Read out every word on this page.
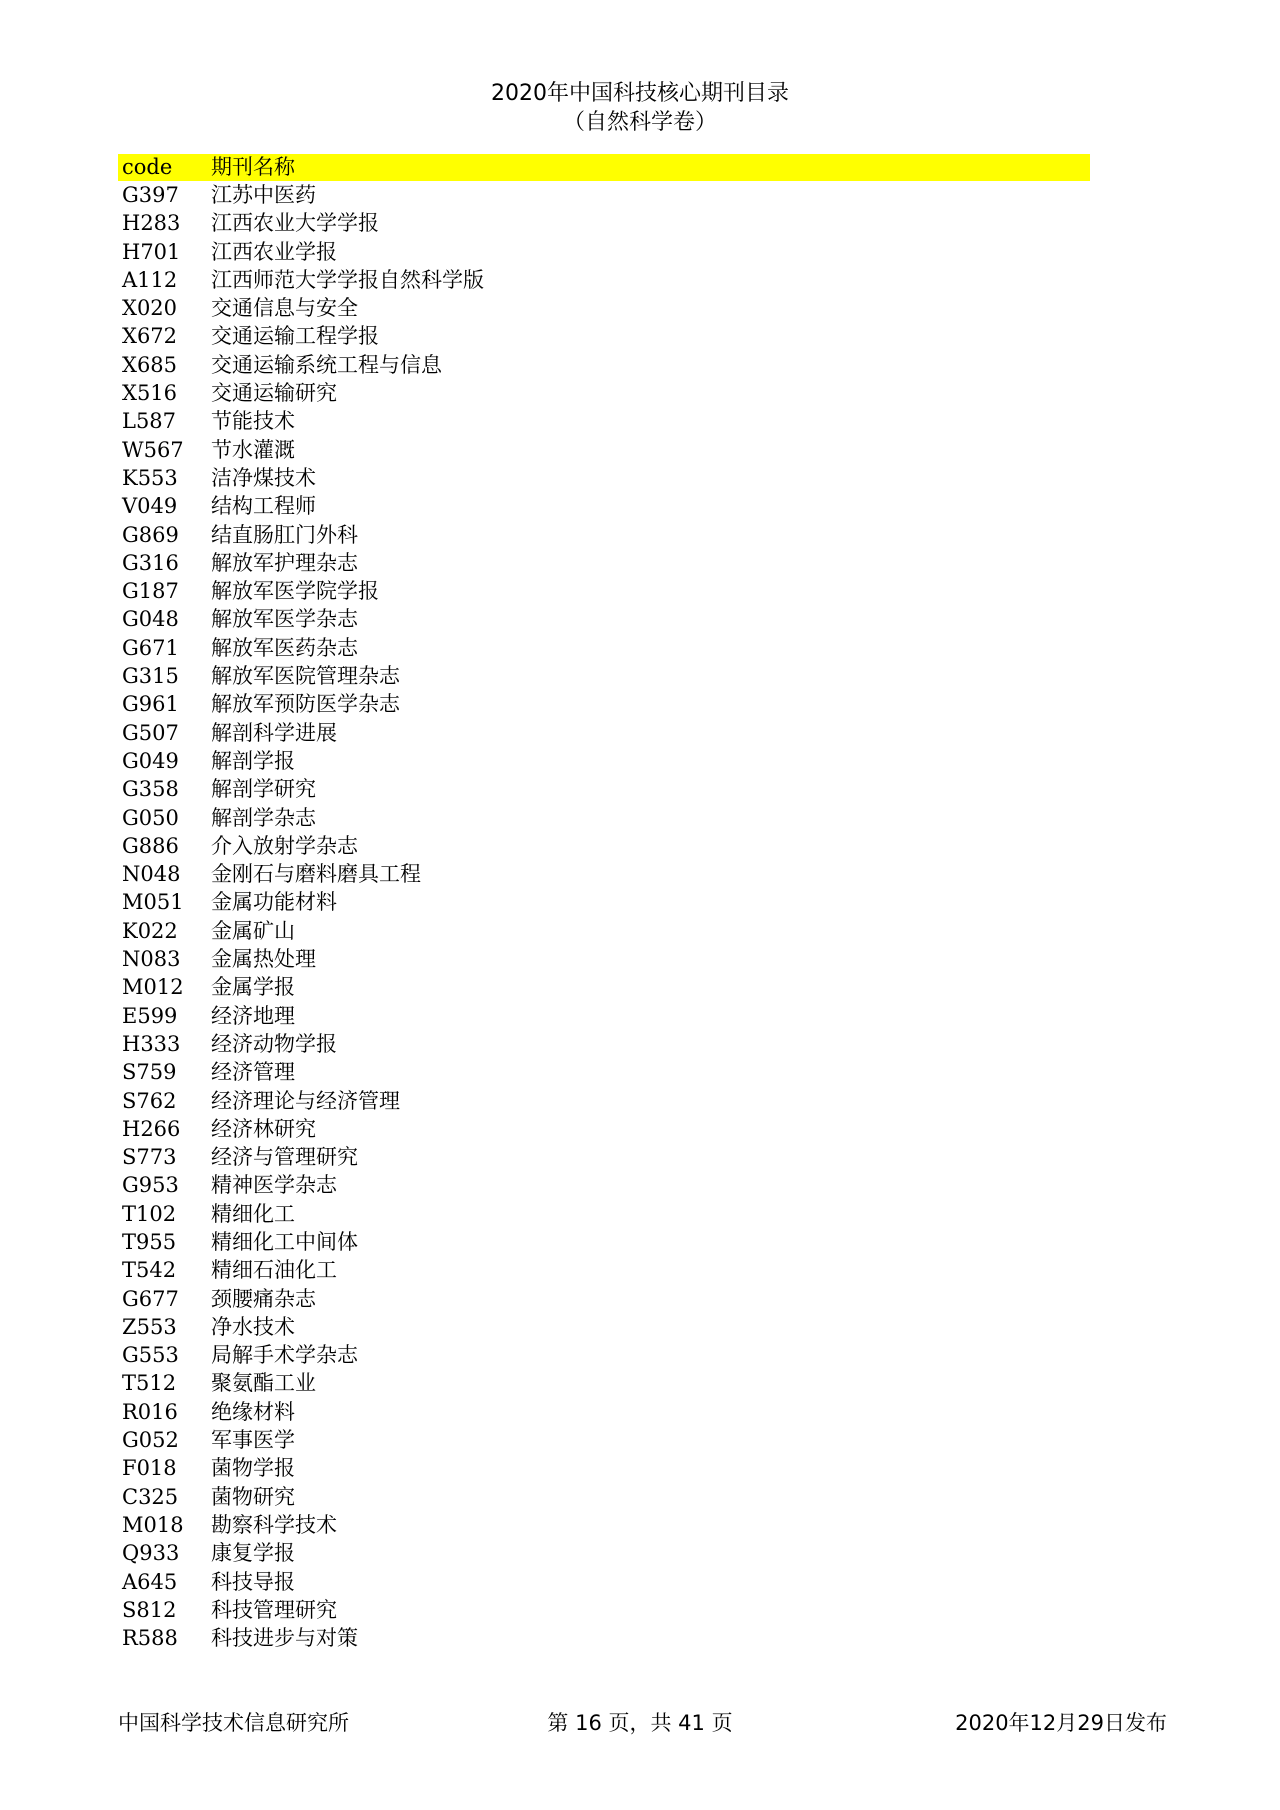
2020年中国科技核心期刊目录
（自然科学卷）
code	期刊名称
G397	江苏中医药
H283	江西农业大学学报
H701	江西农业学报
A112	江西师范大学学报自然科学版
X020	交通信息与安全
X672	交通运输工程学报
X685	交通运输系统工程与信息
X516	交通运输研究
L587	节能技术
W567	节水灌溉
K553	洁净煤技术
V049	结构工程师
G869	结直肠肛门外科
G316	解放军护理杂志
G187	解放军医学院学报
G048	解放军医学杂志
G671	解放军医药杂志
G315	解放军医院管理杂志
G961	解放军预防医学杂志
G507	解剖科学进展
G049	解剖学报
G358	解剖学研究
G050	解剖学杂志
G886	介入放射学杂志
N048	金刚石与磨料磨具工程
M051	金属功能材料
K022	金属矿山
N083	金属热处理
M012	金属学报
E599	经济地理
H333	经济动物学报
S759	经济管理
S762	经济理论与经济管理
H266	经济林研究
S773	经济与管理研究
G953	精神医学杂志
T102	精细化工
T955	精细化工中间体
T542	精细石油化工
G677	颈腰痛杂志
Z553	净水技术
G553	局解手术学杂志
T512	聚氨酯工业
R016	绝缘材料
G052	军事医学
F018	菌物学报
C325	菌物研究
M018	勘察科学技术
Q933	康复学报
A645	科技导报
S812	科技管理研究
R588	科技进步与对策
中国科学技术信息研究所	第 16 页，共 41 页	2020年12月29日发布
